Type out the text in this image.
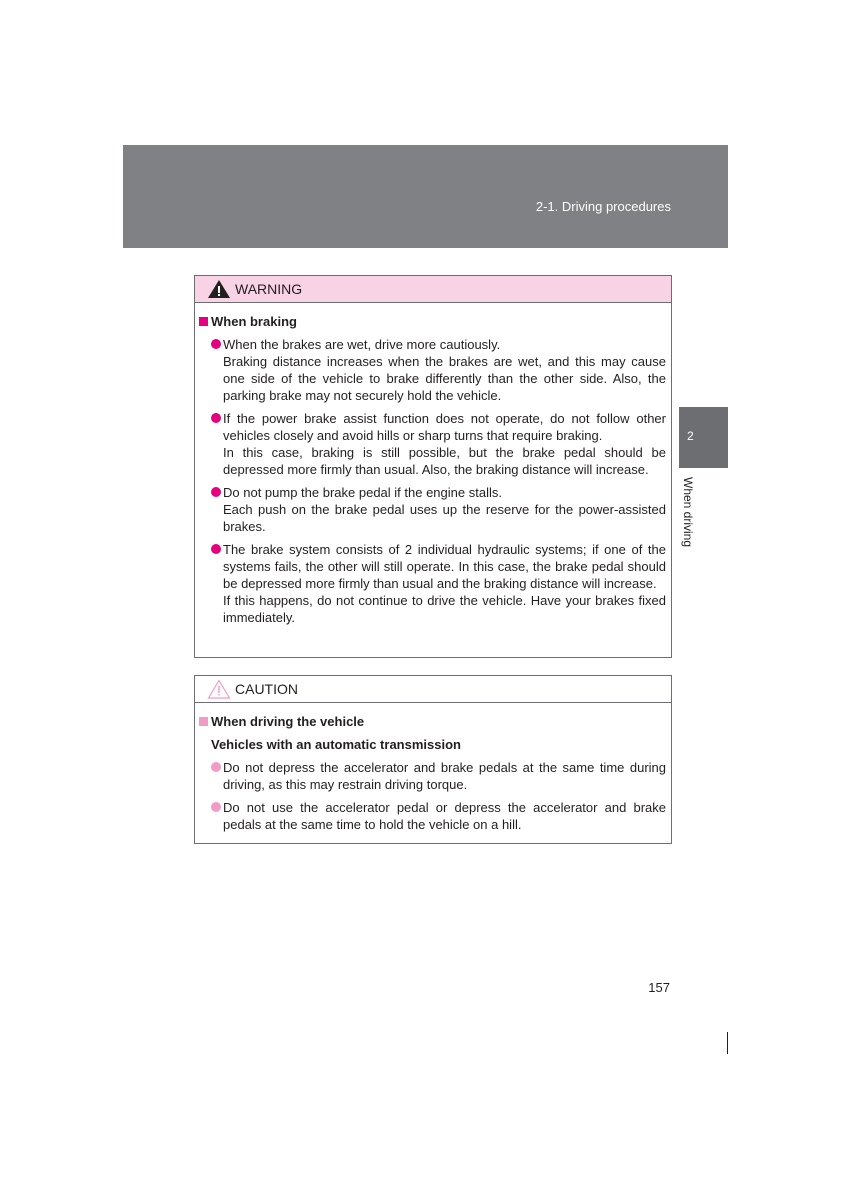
2-1. Driving procedures
2
When driving
WARNING
When braking

When the brakes are wet, drive more cautiously.

Braking distance increases when the brakes are wet, and this may cause one side of the vehicle to brake differently than the other side. Also, the parking brake may not securely hold the vehicle.

If the power brake assist function does not operate, do not follow other vehicles closely and avoid hills or sharp turns that require braking.

In this case, braking is still possible, but the brake pedal should be depressed more firmly than usual. Also, the braking distance will increase.

Do not pump the brake pedal if the engine stalls.

Each push on the brake pedal uses up the reserve for the power-assisted brakes.

The brake system consists of 2 individual hydraulic systems; if one of the systems fails, the other will still operate. In this case, the brake pedal should be depressed more firmly than usual and the braking distance will increase.

If this happens, do not continue to drive the vehicle. Have your brakes fixed immediately.

CAUTION
When driving the vehicle
Vehicles with an automatic transmission
Do not depress the accelerator and brake pedals at the same time during driving, as this may restrain driving torque.
Do not use the accelerator pedal or depress the accelerator and brake pedals at the same time to hold the vehicle on a hill.
157
